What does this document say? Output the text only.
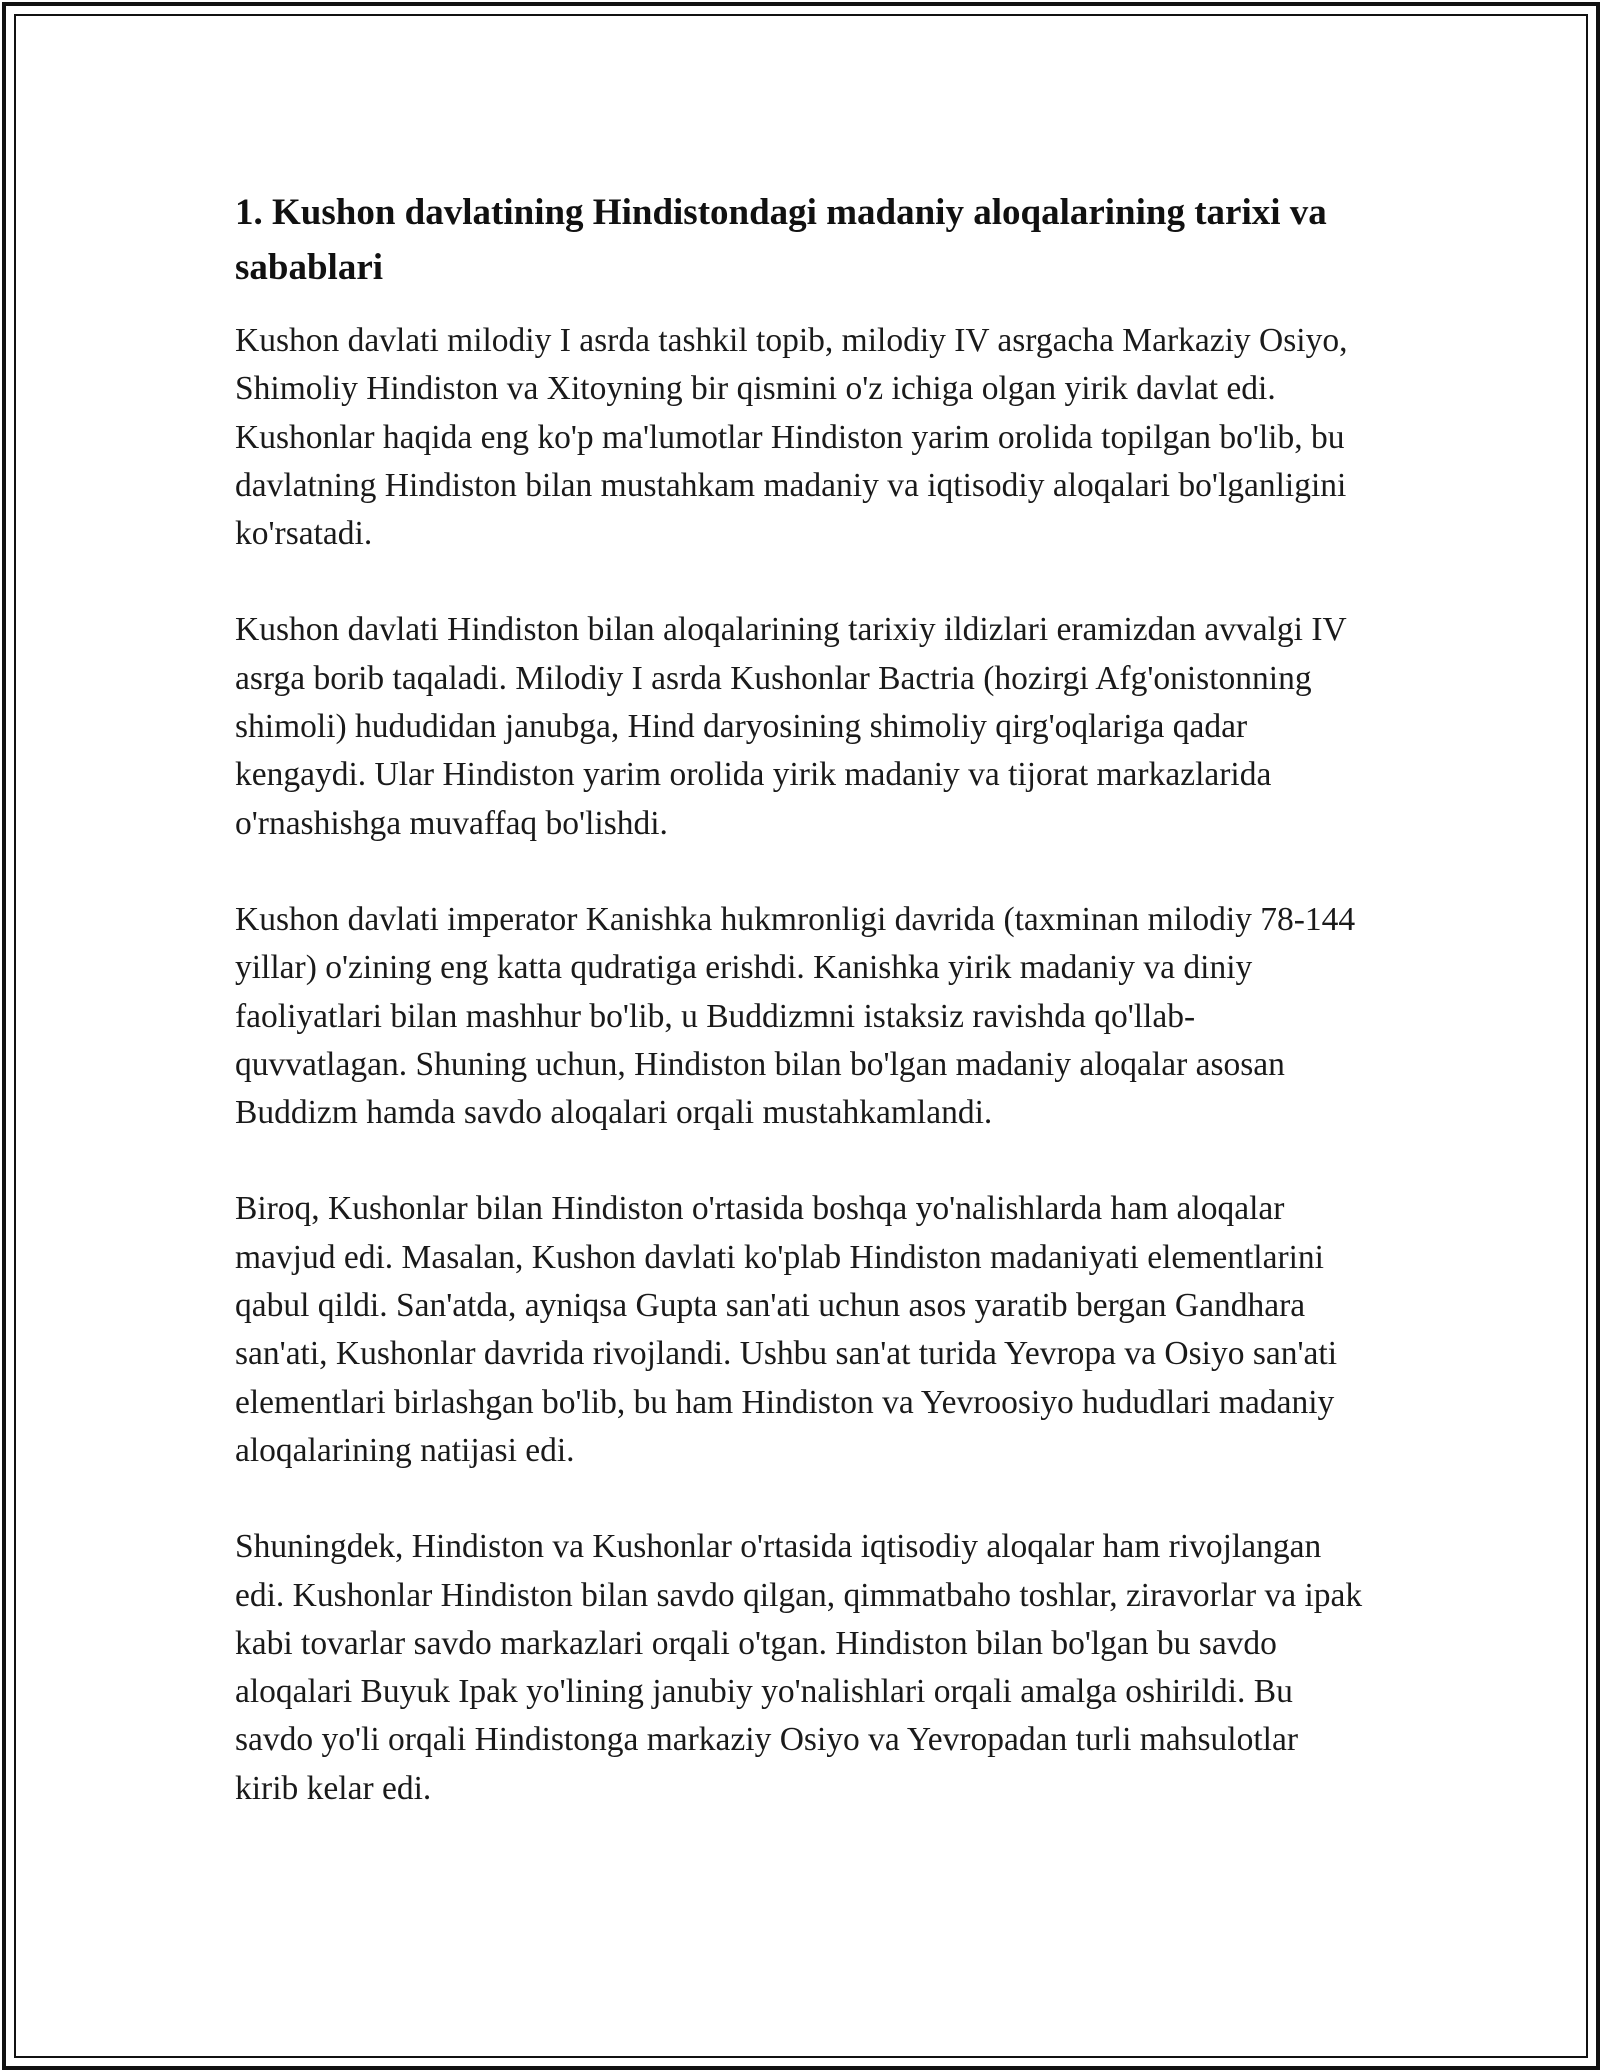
1. Kushon davlatining Hindistondagi madaniy aloqalarining tarixi va sabablari

Kushon davlati milodiy I asrda tashkil topib, milodiy IV asrgacha Markaziy Osiyo, Shimoliy Hindiston va Xitoyning bir qismini o'z ichiga olgan yirik davlat edi. Kushonlar haqida eng ko'p ma'lumotlar Hindiston yarim orolida topilgan bo'lib, bu davlatning Hindiston bilan mustahkam madaniy va iqtisodiy aloqalari bo'lganligini ko'rsatadi.

Kushon davlati Hindiston bilan aloqalarining tarixiy ildizlari eramizdan avvalgi IV asrga borib taqaladi. Milodiy I asrda Kushonlar Bactria (hozirgi Afg'onistonning shimoli) hududidan janubga, Hind daryosining shimoliy qirg'oqlariga qadar kengaydi. Ular Hindiston yarim orolida yirik madaniy va tijorat markazlarida o'rnashishga muvaffaq bo'lishdi.

Kushon davlati imperator Kanishka hukmronligi davrida (taxminan milodiy 78-144 yillar) o'zining eng katta qudratiga erishdi. Kanishka yirik madaniy va diniy faoliyatlari bilan mashhur bo'lib, u Buddizmni istaksiz ravishda qo'llab-quvvatlagan. Shuning uchun, Hindiston bilan bo'lgan madaniy aloqalar asosan Buddizm hamda savdo aloqalari orqali mustahkamlandi.

Biroq, Kushonlar bilan Hindiston o'rtasida boshqa yo'nalishlarda ham aloqalar mavjud edi. Masalan, Kushon davlati ko'plab Hindiston madaniyati elementlarini qabul qildi. San'atda, ayniqsa Gupta san'ati uchun asos yaratib bergan Gandhara san'ati, Kushonlar davrida rivojlandi. Ushbu san'at turida Yevropa va Osiyo san'ati elementlari birlashgan bo'lib, bu ham Hindiston va Yevroosiyo hududlari madaniy aloqalarining natijasi edi.

Shuningdek, Hindiston va Kushonlar o'rtasida iqtisodiy aloqalar ham rivojlangan edi. Kushonlar Hindiston bilan savdo qilgan, qimmatbaho toshlar, ziravorlar va ipak kabi tovarlar savdo markazlari orqali o'tgan. Hindiston bilan bo'lgan bu savdo aloqalari Buyuk Ipak yo'lining janubiy yo'nalishlari orqali amalga oshirildi. Bu savdo yo'li orqali Hindistonga markaziy Osiyo va Yevropadan turli mahsulotlar kirib kelar edi.
